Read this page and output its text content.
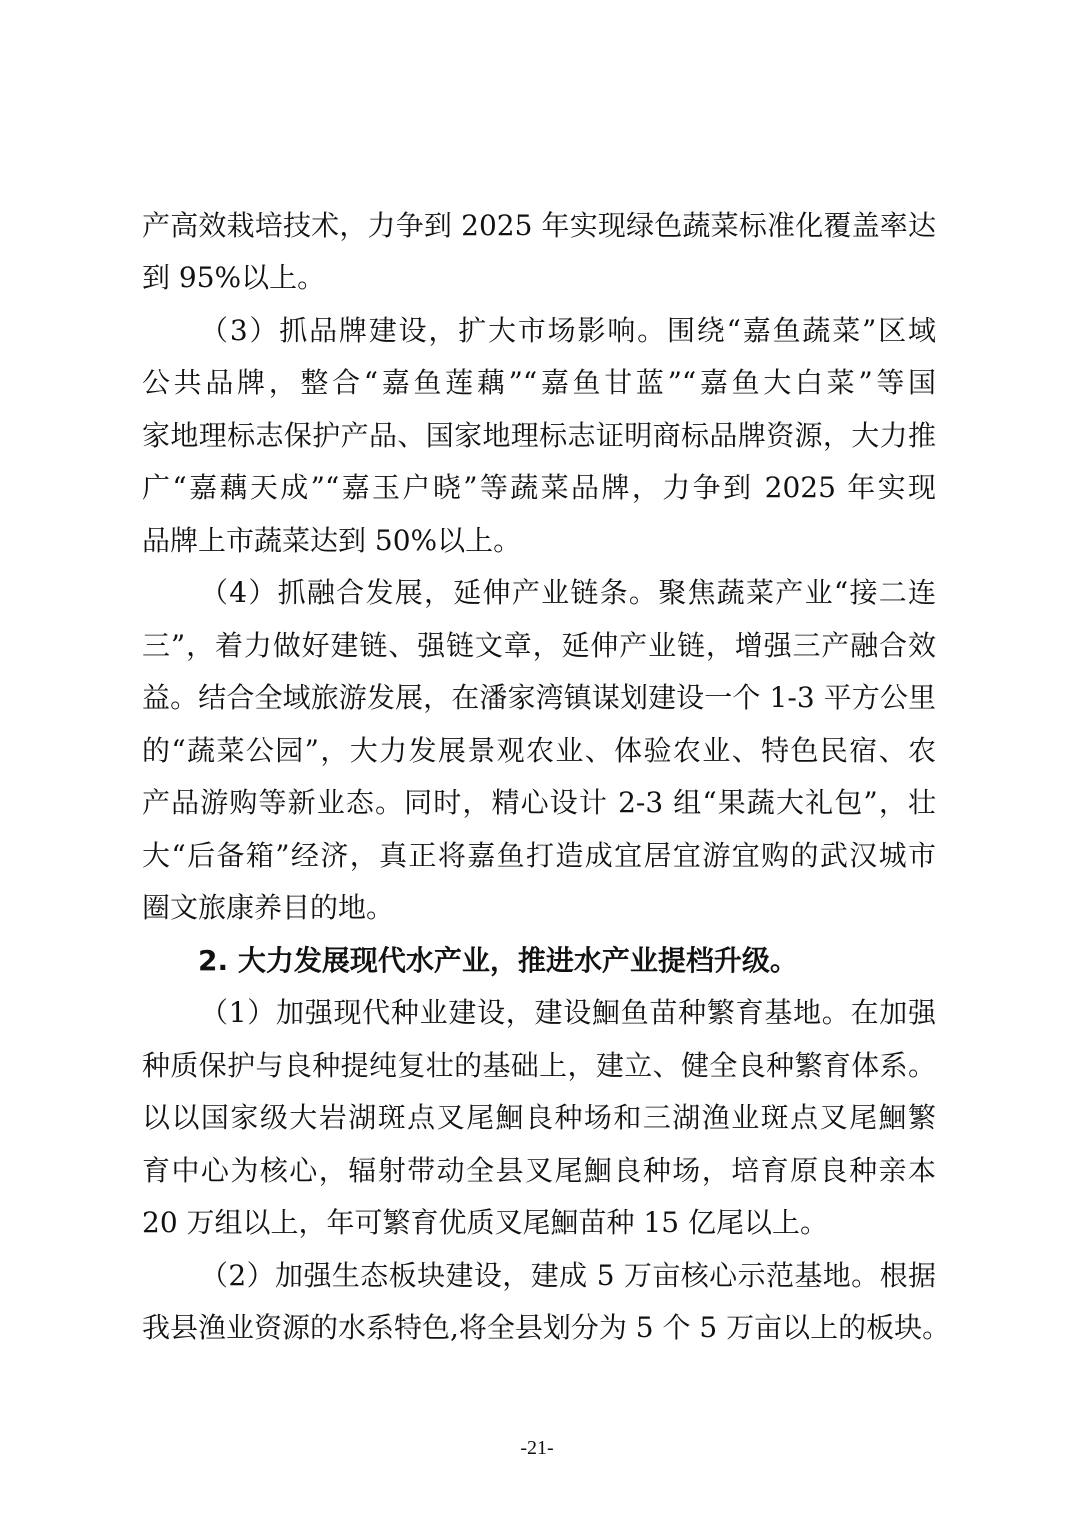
产高效栽培技术，力争到 2025 年实现绿色蔬菜标准化覆盖率达
到 95%以上。
（3）抓品牌建设，扩大市场影响。围绕“嘉鱼蔬菜”区域
公共品牌，整合“嘉鱼莲藕”“嘉鱼甘蓝”“嘉鱼大白菜”等国
家地理标志保护产品、国家地理标志证明商标品牌资源，大力推
广“嘉藕天成”“嘉玉户晓”等蔬菜品牌，力争到 2025 年实现
品牌上市蔬菜达到 50%以上。
（4）抓融合发展，延伸产业链条。聚焦蔬菜产业“接二连
三”，着力做好建链、强链文章，延伸产业链，增强三产融合效
益。结合全域旅游发展，在潘家湾镇谋划建设一个 1-3 平方公里
的“蔬菜公园”，大力发展景观农业、体验农业、特色民宿、农
产品游购等新业态。同时，精心设计 2-3 组“果蔬大礼包”，壮
大“后备箱”经济，真正将嘉鱼打造成宜居宜游宜购的武汉城市
圈文旅康养目的地。
2. 大力发展现代水产业，推进水产业提档升级。
（1）加强现代种业建设，建设鮰鱼苗种繁育基地。在加强
种质保护与良种提纯复壮的基础上，建立、健全良种繁育体系。
以以国家级大岩湖斑点叉尾鮰良种场和三湖渔业斑点叉尾鮰繁
育中心为核心，辐射带动全县叉尾鮰良种场，培育原良种亲本
20 万组以上，年可繁育优质叉尾鮰苗种 15 亿尾以上。
（2）加强生态板块建设，建成 5 万亩核心示范基地。根据
我县渔业资源的水系特色,将全县划分为 5 个 5 万亩以上的板块。
-21-
